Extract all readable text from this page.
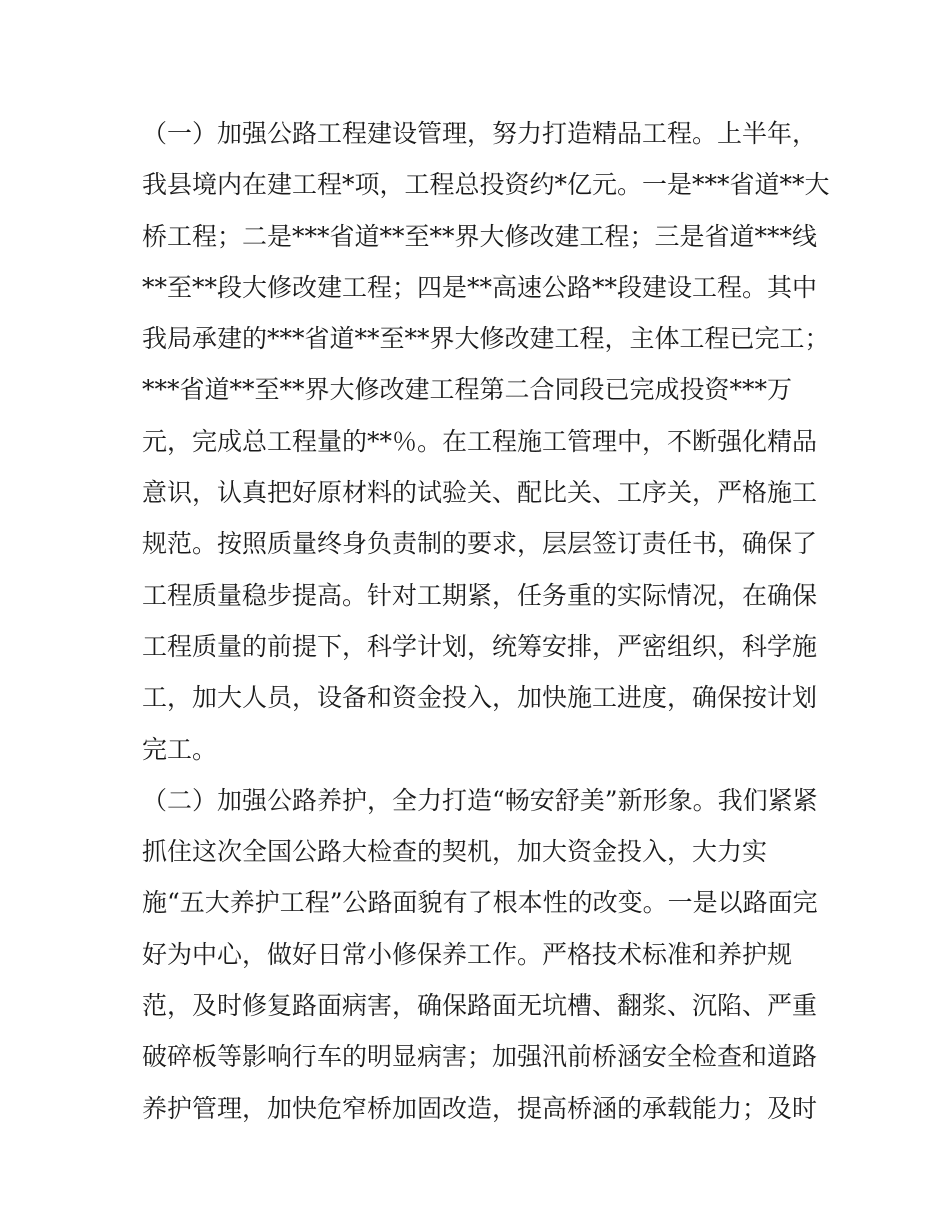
（一）加强公路工程建设管理，努力打造精品工程。上半年，
我县境内在建工程*项，工程总投资约*亿元。一是***省道**大
桥工程；二是***省道**至**界大修改建工程；三是省道***线
**至**段大修改建工程；四是**高速公路**段建设工程。其中
我局承建的***省道**至**界大修改建工程，主体工程已完工；
***省道**至**界大修改建工程第二合同段已完成投资***万
元，完成总工程量的**％。在工程施工管理中，不断强化精品
意识，认真把好原材料的试验关、配比关、工序关，严格施工
规范。按照质量终身负责制的要求，层层签订责任书，确保了
工程质量稳步提高。针对工期紧，任务重的实际情况，在确保
工程质量的前提下，科学计划，统筹安排，严密组织，科学施
工，加大人员，设备和资金投入，加快施工进度，确保按计划
完工。
（二）加强公路养护，全力打造“畅安舒美”新形象。我们紧紧
抓住这次全国公路大检查的契机，加大资金投入，大力实
施“五大养护工程”公路面貌有了根本性的改变。一是以路面完
好为中心，做好日常小修保养工作。严格技术标准和养护规
范，及时修复路面病害，确保路面无坑槽、翻浆、沉陷、严重
破碎板等影响行车的明显病害；加强汛前桥涵安全检查和道路
养护管理，加快危窄桥加固改造，提高桥涵的承载能力；及时
